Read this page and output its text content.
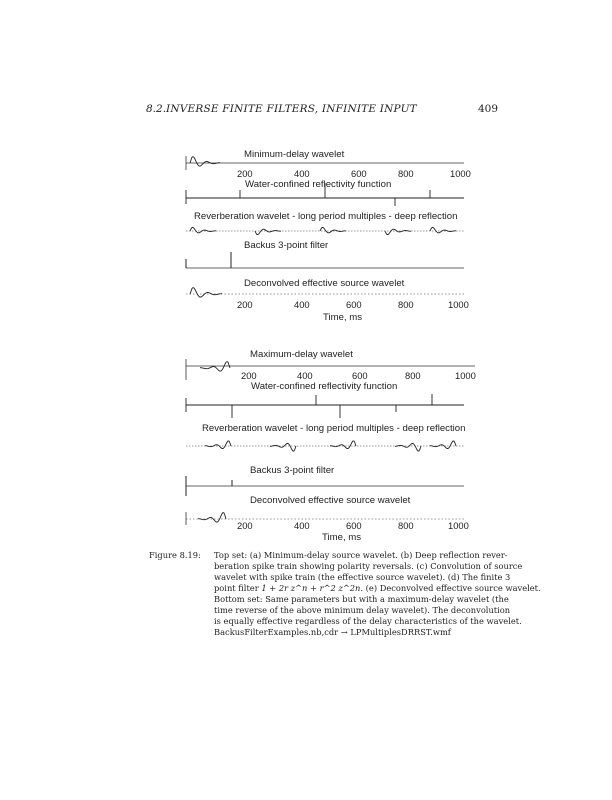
8.2. INVERSE FINITE FILTERS, INFINITE INPUT	409
Minimum-delay wavelet
200	400	600	800	1000
Water-confined reflectivity function
Reverberation wavelet - long period multiples - deep reflection
Backus 3-point filter
Deconvolved effective source wavelet
200	400	600	800	1000
Time, ms
Maximum-delay wavelet
200	400	600	800	1000
Water-confined reflectivity function
Reverberation wavelet - long period multiples - deep reflection
Backus 3-point filter
Deconvolved effective source wavelet
200	400	600	800	1000
Time, ms
Figure 8.19:	Top set: (a) Minimum-delay source wavelet. (b) Deep reflection rever-
beration spike train showing polarity reversals. (c) Convolution of source
wavelet with spike train (the effective source wavelet). (d) The finite 3
point filter 1 + 2r z^n + r^2 z^2n. (e) Deconvolved effective source wavelet.
Bottom set: Same parameters but with a maximum-delay wavelet (the
time reverse of the above minimum delay wavelet). The deconvolution
is equally effective regardless of the delay characteristics of the wavelet.
BackusFilterExamples.nb,cdr → LPMultiplesDRRST.wmf
